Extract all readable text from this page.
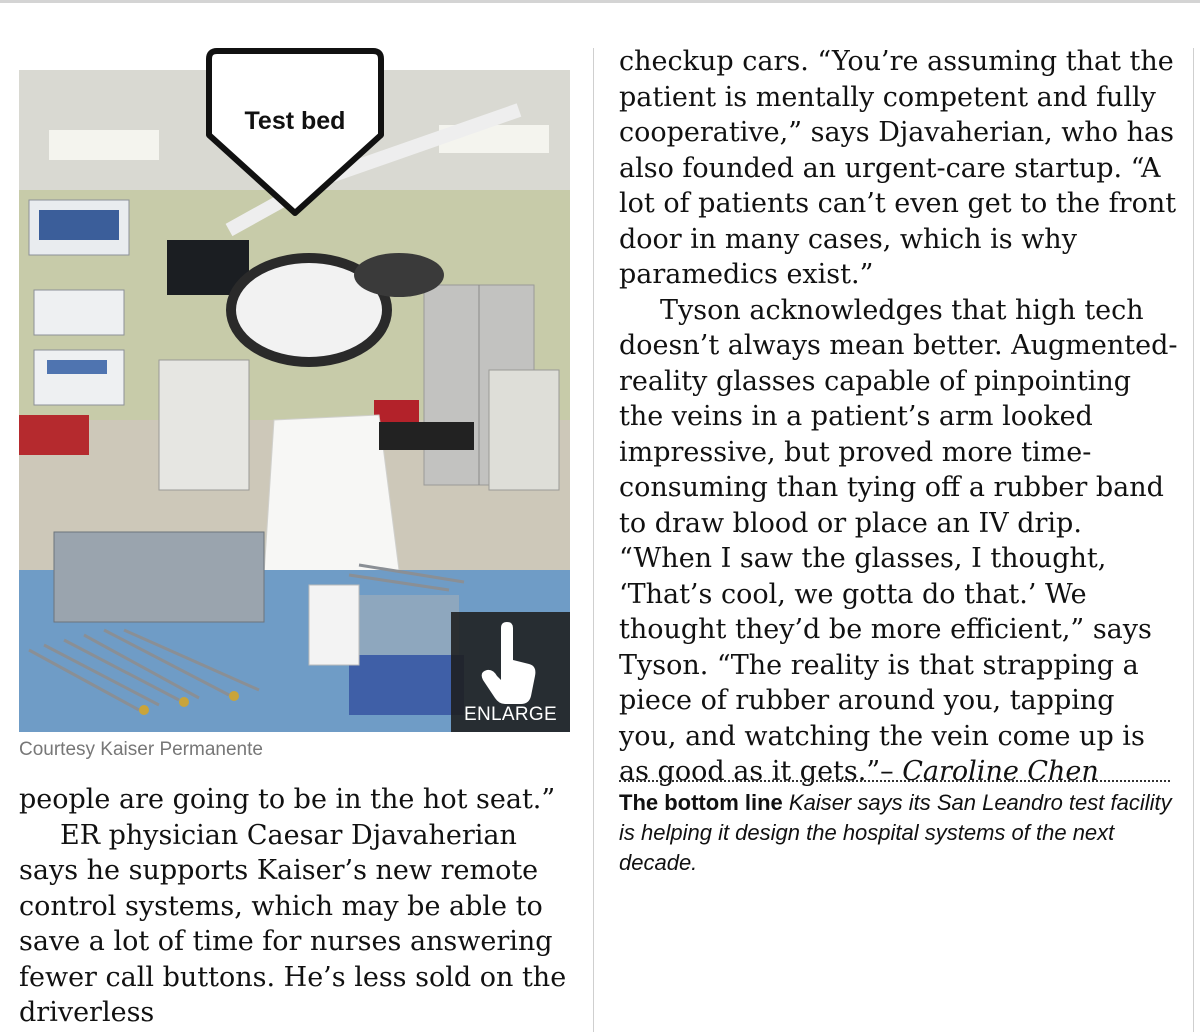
Test bed
ENLARGE
Courtesy Kaiser Permanente

people are going to be in the hot seat.”

ER physician Caesar Djavaherian says he supports Kaiser’s new remote control systems, which may be able to save a lot of time for nurses answering fewer call buttons. He’s less sold on the driverless

checkup cars. “You’re assuming that the patient is mentally competent and fully cooperative,” says Djavaherian, who has also founded an urgent-care startup. “A lot of patients can’t even get to the front door in many cases, which is why paramedics exist.”

Tyson acknowledges that high tech doesn’t always mean better. Augmented-reality glasses capable of pinpointing the veins in a patient’s arm looked impressive, but proved more time-consuming than tying off a rubber band to draw blood or place an IV drip. “When I saw the glasses, I thought, ‘That’s cool, we gotta do that.’ We thought they’d be more efficient,” says Tyson. “The reality is that strapping a piece of rubber around you, tapping you, and watching the vein come up is as good as it gets.”– Caroline Chen

The bottom line Kaiser says its San Leandro test facility is helping it design the hospital systems of the next decade.
